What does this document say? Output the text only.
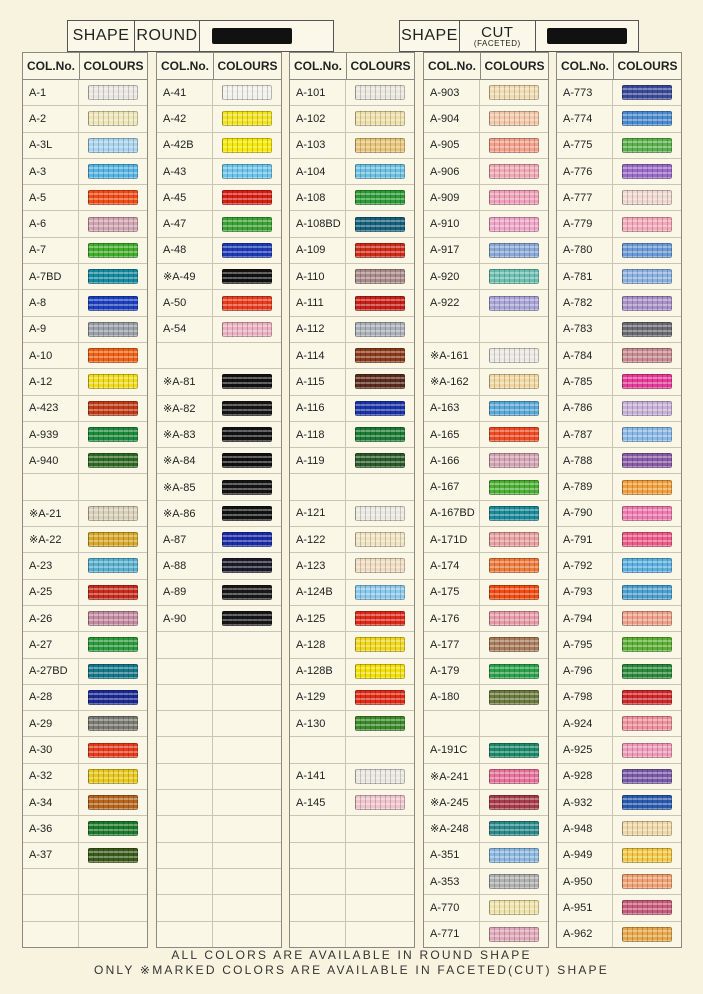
SHAPE ROUND	SHAPE CUT
(FACETED)
COL.No. COLOURS
A-1
A-2
A-3L
A-3
A-5
A-6
A-7
A-7BD
A-8
A-9
A-10
A-12
A-423
A-939
A-940
※A-21
※A-22
A-23
A-25
A-26
A-27
A-27BD
A-28
A-29
A-30
A-32
A-34
A-36
A-37
COL.No. COLOURS
A-41
A-42
A-42B
A-43
A-45
A-47
A-48
※A-49
A-50
A-54
※A-81
※A-82
※A-83
※A-84
※A-85
※A-86
A-87
A-88
A-89
A-90
COL.No. COLOURS
A-101
A-102
A-103
A-104
A-108
A-108BD
A-109
A-110
A-111
A-112
A-114
A-115
A-116
A-118
A-119
A-121
A-122
A-123
A-124B
A-125
A-128
A-128B
A-129
A-130
A-141
A-145
COL.No. COLOURS
A-903
A-904
A-905
A-906
A-909
A-910
A-917
A-920
A-922
※A-161
※A-162
A-163
A-165
A-166
A-167
A-167BD
A-171D
A-174
A-175
A-176
A-177
A-179
A-180
A-191C
※A-241
※A-245
※A-248
A-351
A-353
A-770
A-771
COL.No. COLOURS
A-773
A-774
A-775
A-776
A-777
A-779
A-780
A-781
A-782
A-783
A-784
A-785
A-786
A-787
A-788
A-789
A-790
A-791
A-792
A-793
A-794
A-795
A-796
A-798
A-924
A-925
A-928
A-932
A-948
A-949
A-950
A-951
A-962
ALL COLORS ARE AVAILABLE IN ROUND SHAPE
ONLY ※MARKED COLORS ARE AVAILABLE IN FACETED(CUT) SHAPE
